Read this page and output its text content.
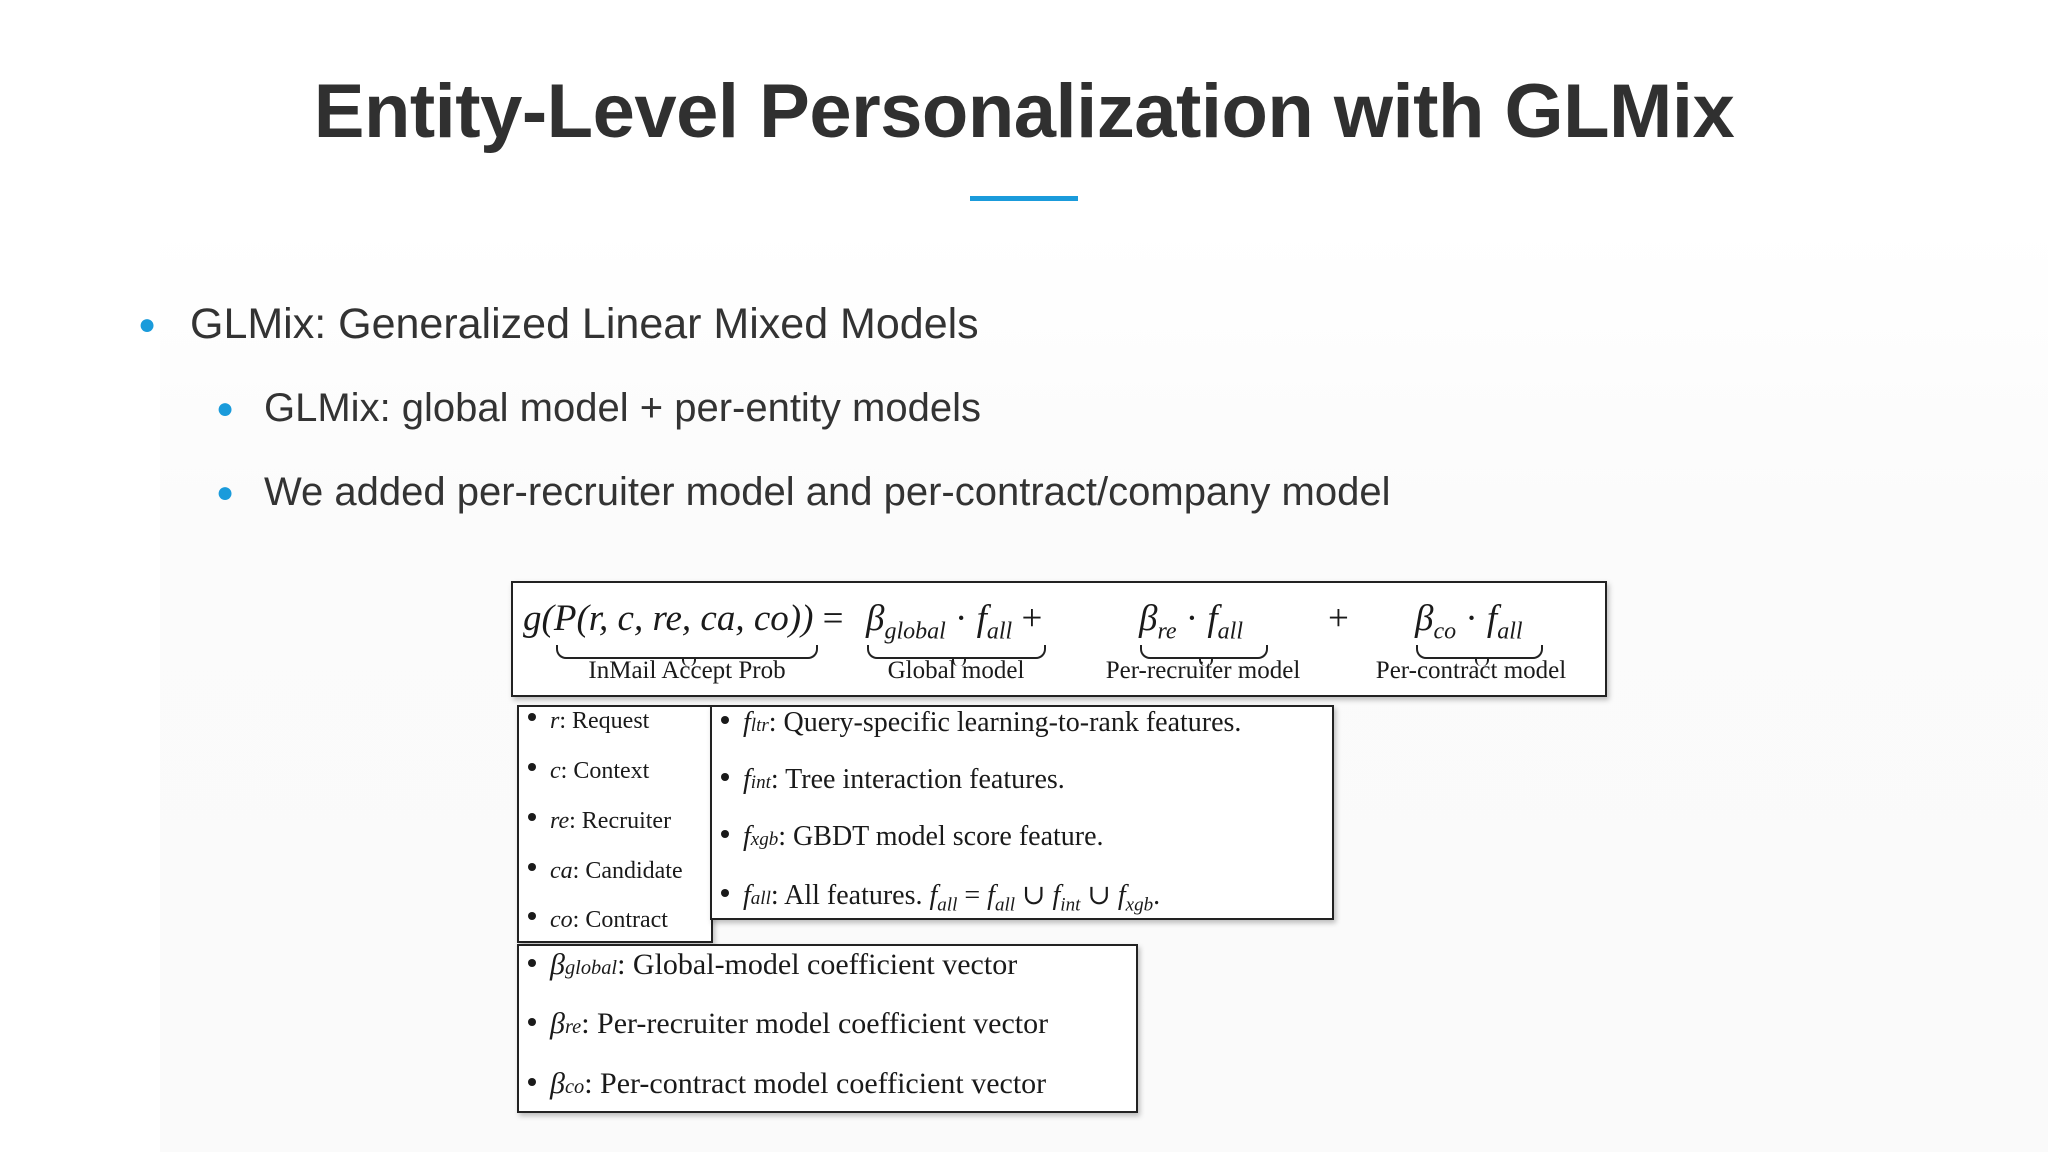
Entity-Level Personalization with GLMix
● GLMix: Generalized Linear Mixed Models
● GLMix: global model + per-entity models
● We added per-recruiter model and per-contract/company model
g(P(r, c, re, ca, $co)) = \beta_{global} \cdot f_{all}$ +	$\beta_{re} \cdot f_{all} + \beta_{co} \cdot f_{all}$
InMail Accept Prob	Global model	Per-recruiter model	Per-contract model
r : Request
c : Context
re : Recruiter
ca : Candidate
co : Contract
f ltr : Query-specific learning-to-rank features.
f int : Tree interaction features.
f xgb : GBDT model score feature.
f all : All features.
$f_{all} = f_{all}$ ∪ $f_{int}$ ∪ $f_{xgb}$.
β global : Global-model coefficient vector
β re : Per-recruiter model coefficient vector
β co : Per-contract model coefficient vector
